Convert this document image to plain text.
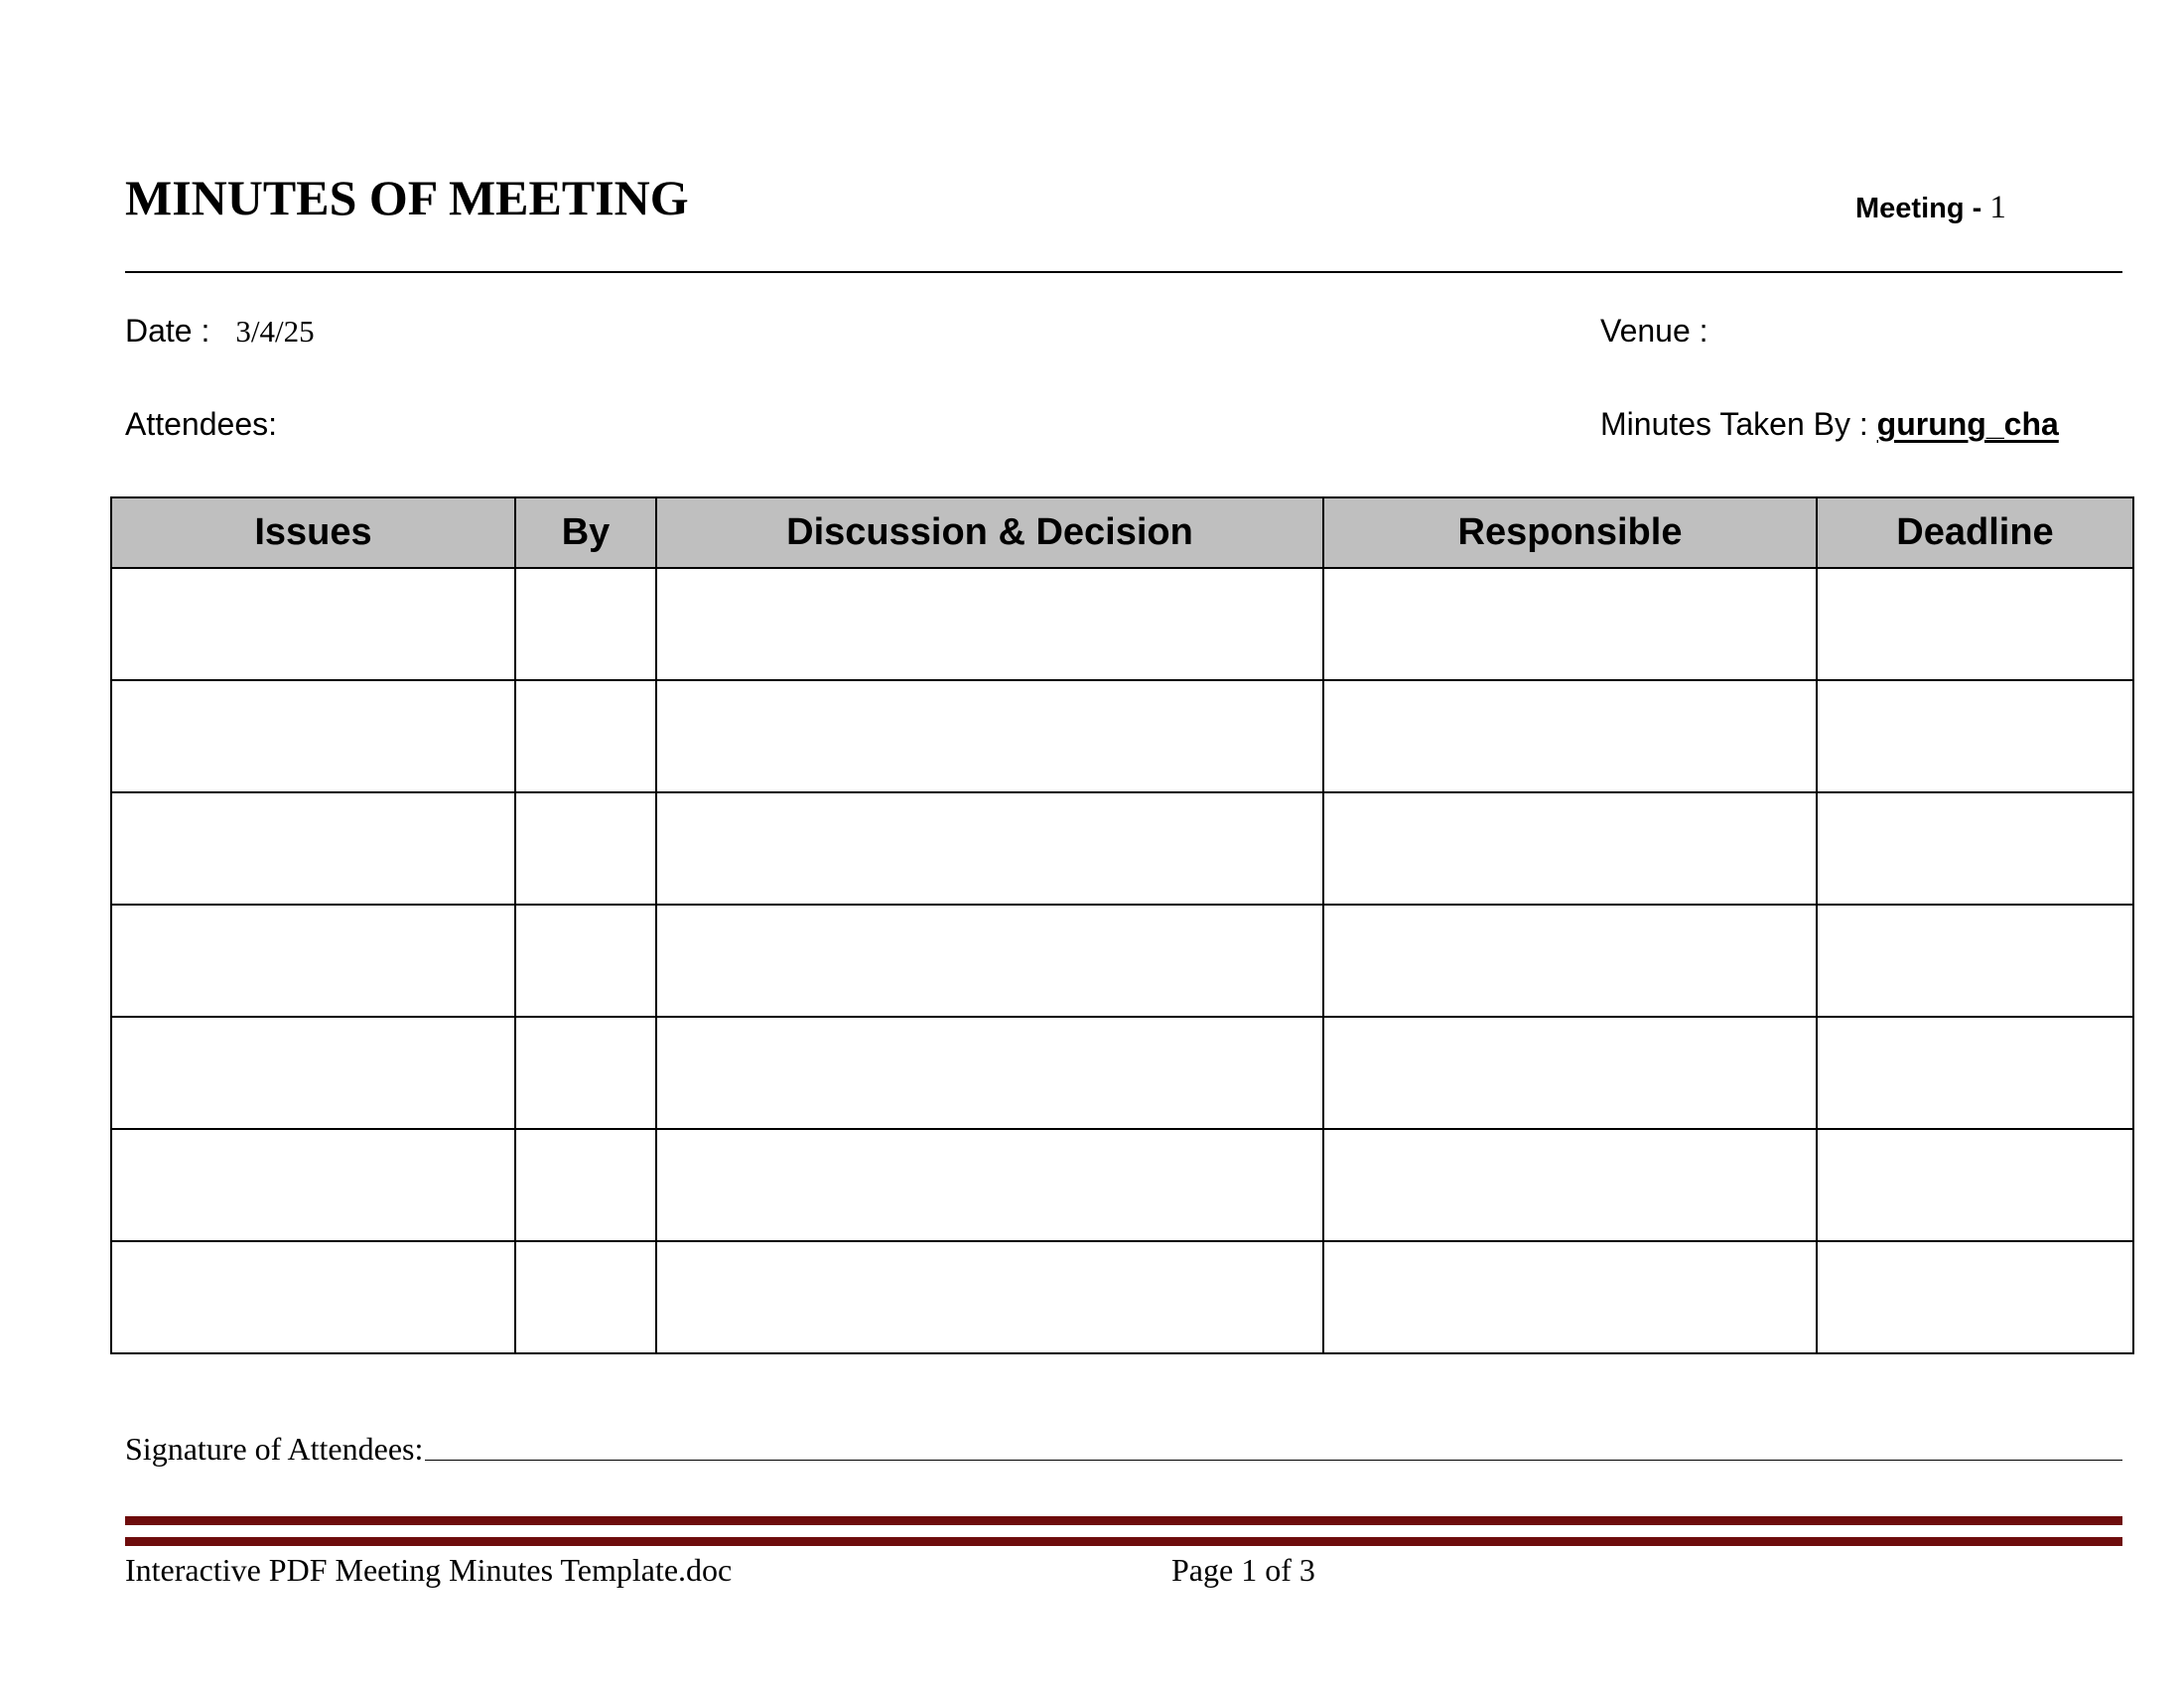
MINUTES OF MEETING	Meeting - 1
Date : 3/4/25	Venue :
Attendees:	Minutes Taken By : gurung_cha
Issues	By	Discussion & Decision	Responsible	Deadline

Signature of Attendees:
Interactive PDF Meeting Minutes Template.doc	Page 1 of 3
